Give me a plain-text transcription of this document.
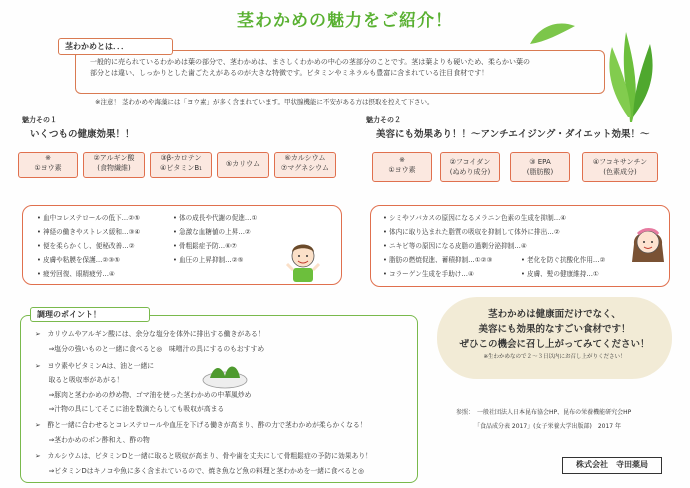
茎わかめの魅力をご紹介！
茎わかめとは．．．
一般的に売られているわかめは葉の部分で、茎わかめは、まさしくわかめの中心の茎部分のことです。茎は葉よりも硬いため、柔らかい葉の
部分とは違い、しっかりとした歯ごたえがあるのが大きな特徴です。ビタミンやミネラルも豊富に含まれている注目食材です！
※注意！ 茎わかめや海藻には「ヨウ素」が多く含まれています。甲状腺機能に不安がある方は摂取を控えて下さい。
魅力その１
いくつもの健康効果！！
※
①ヨウ素
②アルギン酸
(食物繊維)
③β-カロテン
④ビタミンB₁	⑤カリウム
⑥カルシウム
⑦マグネシウム
• 血中コレステロールの低下…②⑤
• 神経の働きやストレス緩和…③④
• 便を柔らかくし、便秘改善…②
• 皮膚や粘膜を保護…②③⑤
• 疲労回復、眼精疲労…④
• 体の成長や代謝の促進…①
• 急激な血糖値の上昇…②
• 骨粗鬆症予防…⑥⑦
• 血圧の上昇抑制…②⑤
魅力その２
美容にも効果あり！！～アンチエイジング・ダイエット効果！～
※
①ヨウ素
②フコイダン
(ぬめり成分)
③ EPA
(脂肪酸)
④フコキサンチン
(色素成分)
• シミやソバカスの原因になるメラニン色素の生成を抑制…④
• 体内に取り込まれた脂質の吸収を抑制して体外に排出…②
• ニキビ等の原因になる皮脂の過剰分泌抑制…④
• 脂肪の燃焼促進、蓄積抑制…①②③
• コラーゲン生成を手助け…④
• 老化を防ぐ抗酸化作用…②
• 皮膚、髪の健康維持…①
調理のポイント！
➢　カリウムやアルギン酸には、余分な塩分を体外に排出する働きがある！
　　⇒塩分の強いものと一緒に食べると◎　味噌汁の具にするのもおすすめ
➢　ヨウ素やビタミンAは、油と一緒に
　　取ると吸収率があがる！
　　⇒豚肉と茎わかめの炒め物、ゴマ油を使った茎わかめの中華風炒め
　　⇒汁物の具にしてそこに油を数滴たらしても吸収が高まる
➢　酢と一緒に合わせるとコレステロールや血圧を下げる働きが高まり、酢の力で茎わかめが柔らかくなる！
　　⇒茎わかめのポン酢和え、酢の物
➢　カルシウムは、ビタミンDと一緒に取ると吸収が高まり、骨や歯を丈夫にして骨粗鬆症の予防に効果あり！
　　⇒ビタミンDはキノコや魚に多く含まれているので、焼き魚など魚の料理と茎わかめを一緒に食べると◎
茎わかめは健康面だけでなく、
美容にも効果的なすごい食材です！
ぜひこの機会に召し上がってみてください！
※生わかめなので２～３日以内にお召し上がりください！
参照：　一般社団法人日本昆布協会HP、昆布の栄養機能研究会HP
「食品成分表 2017」(女子栄養大学出版部)　2017 年
株式会社　寺田薬局
